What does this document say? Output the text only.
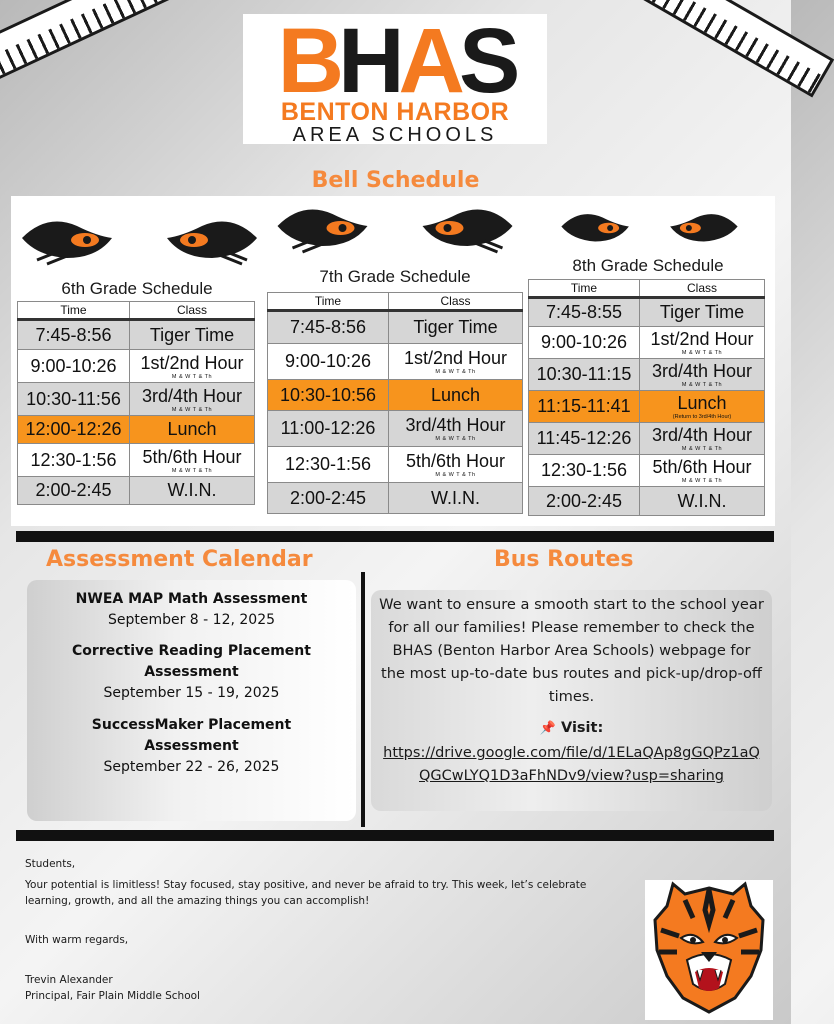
BHAS
BENTON HARBOR
AREA SCHOOLS
Bell Schedule
6th Grade Schedule
Time	Class
7:45-8:56	Tiger Time
9:00-10:26	1st/2nd Hour
M & W T & Th

10:30-11:56	3rd/4th Hour
M & W T & Th

12:00-12:26	Lunch
12:30-1:56	5th/6th Hour
M & W T & Th

2:00-2:45	W.I.N.
7th Grade Schedule
Time	Class
7:45-8:56	Tiger Time
9:00-10:26	1st/2nd Hour
M & W T & Th

10:30-10:56	Lunch
11:00-12:26	3rd/4th Hour
M & W T & Th

12:30-1:56	5th/6th Hour
M & W T & Th

2:00-2:45	W.I.N.
8th Grade Schedule
Time	Class
7:45-8:55	Tiger Time
9:00-10:26	1st/2nd Hour
M & W T & Th

10:30-11:15	3rd/4th Hour
M & W T & Th

11:15-11:41	Lunch
(Return to 3rd/4th Hour)

11:45-12:26	3rd/4th Hour
M & W T & Th

12:30-1:56	5th/6th Hour
M & W T & Th

2:00-2:45	W.I.N.
Assessment Calendar	Bus Routes
NWEA MAP Math Assessment
September 8 - 12, 2025
Corrective Reading Placement Assessment
September 15 - 19, 2025
SuccessMaker Placement Assessment
September 22 - 26, 2025
We want to ensure a smooth start to the school year for all our families! Please remember to check the BHAS (Benton Harbor Area Schools) webpage for the most up-to-date bus routes and pick-up/drop-off times.
📌 Visit:
https://drive.google.com/file/d/1ELaQAp8gGQPz1aQQGCwLYQ1D3aFhNDv9/view?usp=sharing
Students,
Your potential is limitless! Stay focused, stay positive, and never be afraid to try. This week, let’s celebrate learning, growth, and all the amazing things you can accomplish!
With warm regards,
Trevin Alexander
Principal, Fair Plain Middle School
